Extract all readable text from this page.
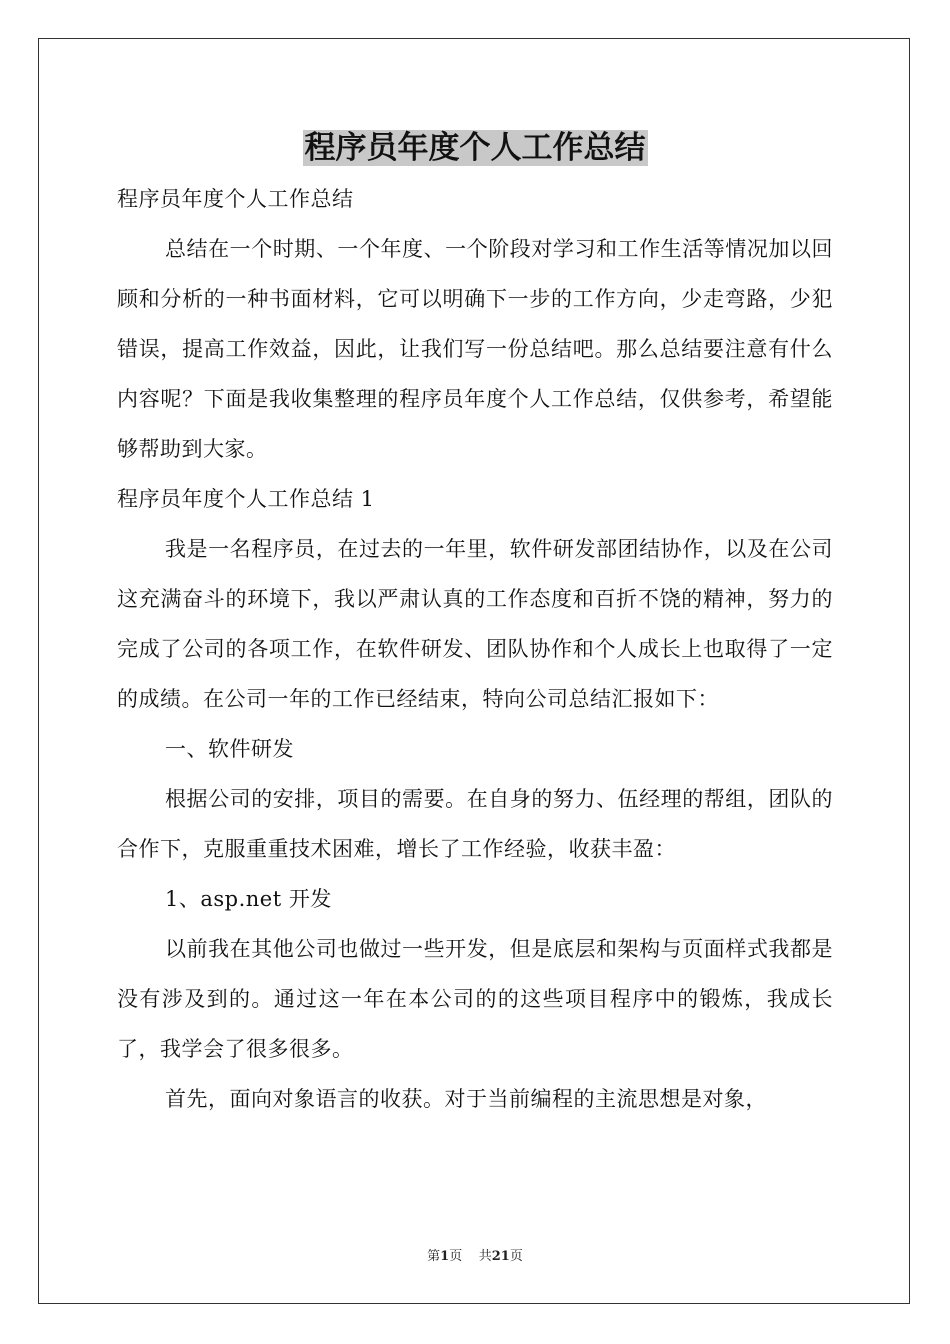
程序员年度个人工作总结

程序员年度个人工作总结

总结在一个时期、一个年度、一个阶段对学习和工作生活等情况加以回顾和分析的一种书面材料，它可以明确下一步的工作方向，少走弯路，少犯错误，提高工作效益，因此，让我们写一份总结吧。那么总结要注意有什么内容呢？下面是我收集整理的程序员年度个人工作总结，仅供参考，希望能够帮助到大家。

程序员年度个人工作总结 1

我是一名程序员，在过去的一年里，软件研发部团结协作，以及在公司这充满奋斗的环境下，我以严肃认真的工作态度和百折不饶的精神，努力的完成了公司的各项工作，在软件研发、团队协作和个人成长上也取得了一定的成绩。在公司一年的工作已经结束，特向公司总结汇报如下：

一、软件研发

根据公司的安排，项目的需要。在自身的努力、伍经理的帮组，团队的合作下，克服重重技术困难，增长了工作经验，收获丰盈：

1、asp.net 开发

以前我在其他公司也做过一些开发，但是底层和架构与页面样式我都是没有涉及到的。通过这一年在本公司的的这些项目程序中的锻炼，我成长了，我学会了很多很多。

首先，面向对象语言的收获。对于当前编程的主流思想是对象，

第1页 共21页
